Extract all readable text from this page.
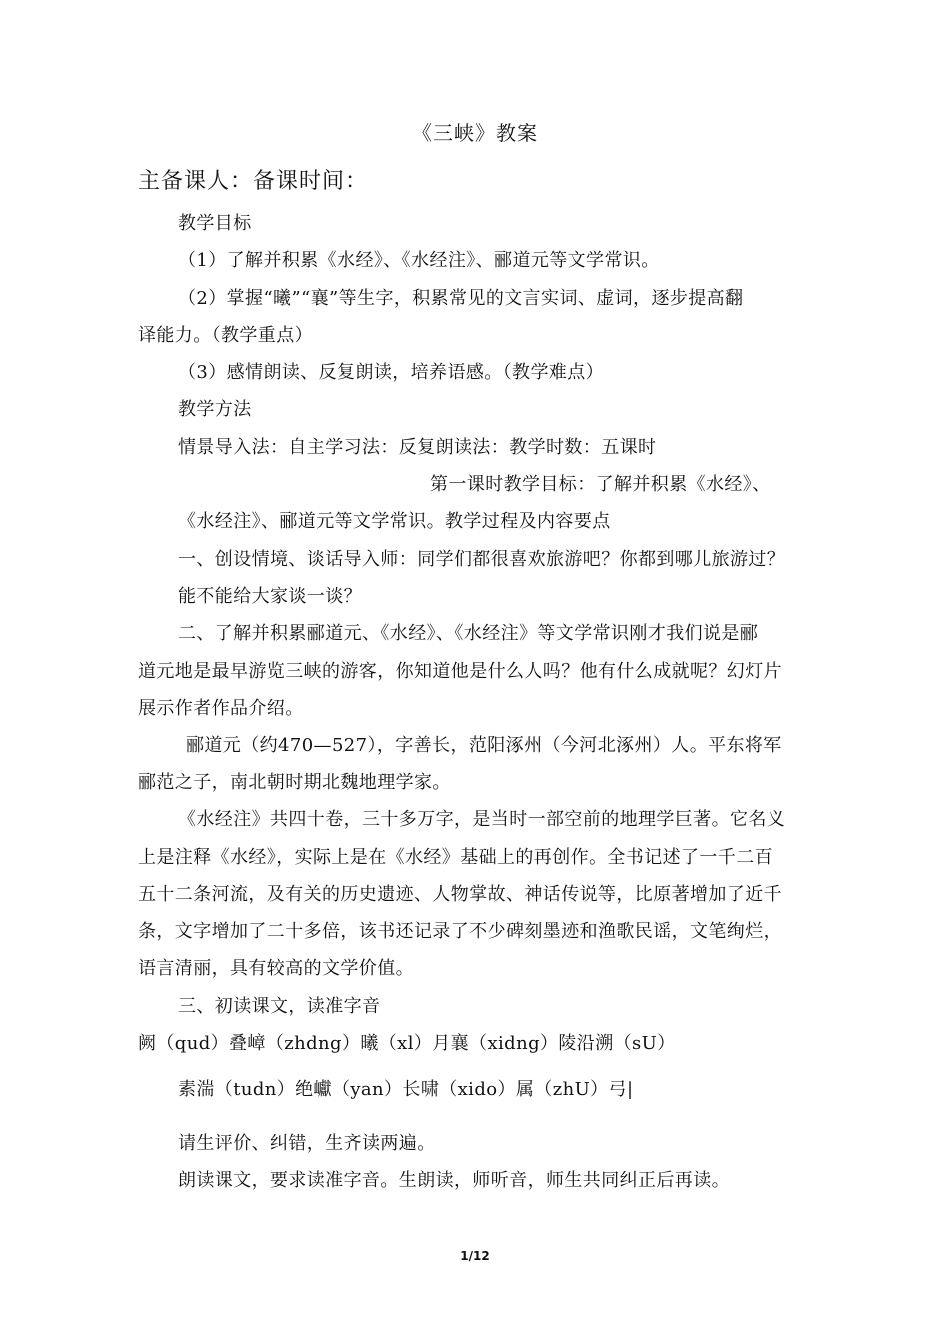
《三峡》教案
主备课人：备课时间：
教学目标
（1）了解并积累《水经》、《水经注》、郦道元等文学常识。
（2）掌握“曦”“襄”等生字，积累常见的文言实词、虚词，逐步提高翻
译能力。（教学重点）
（3）感情朗读、反复朗读，培养语感。（教学难点）
教学方法
情景导入法：自主学习法：反复朗读法：教学时数：五课时
第一课时教学目标：了解并积累《水经》、
《水经注》、郦道元等文学常识。教学过程及内容要点
一、创设情境、谈话导入师：同学们都很喜欢旅游吧？你都到哪儿旅游过？
能不能给大家谈一谈？
二、了解并积累郦道元、《水经》、《水经注》等文学常识刚才我们说是郦
道元地是最早游览三峡的游客，你知道他是什么人吗？他有什么成就呢？幻灯片
展示作者作品介绍。
郦道元（约470—527），字善长，范阳涿州（今河北涿州）人。平东将军
郦范之子，南北朝时期北魏地理学家。
《水经注》共四十卷，三十多万字，是当时一部空前的地理学巨著。它名义
上是注释《水经》，实际上是在《水经》基础上的再创作。全书记述了一千二百
五十二条河流，及有关的历史遗迹、人物掌故、神话传说等，比原著增加了近千
条，文字增加了二十多倍，该书还记录了不少碑刻墨迹和渔歌民谣，文笔绚烂，
语言清丽，具有较高的文学价值。
三、初读课文，读准字音
阙（qud）叠嶂（zhdng）曦（xl）月襄（xidng）陵沿溯（sU）
素湍（tudn）绝巘（yan）长啸（xido）属（zhU）弓|
请生评价、纠错，生齐读两遍。
朗读课文，要求读准字音。生朗读，师听音，师生共同纠正后再读。
1/12
